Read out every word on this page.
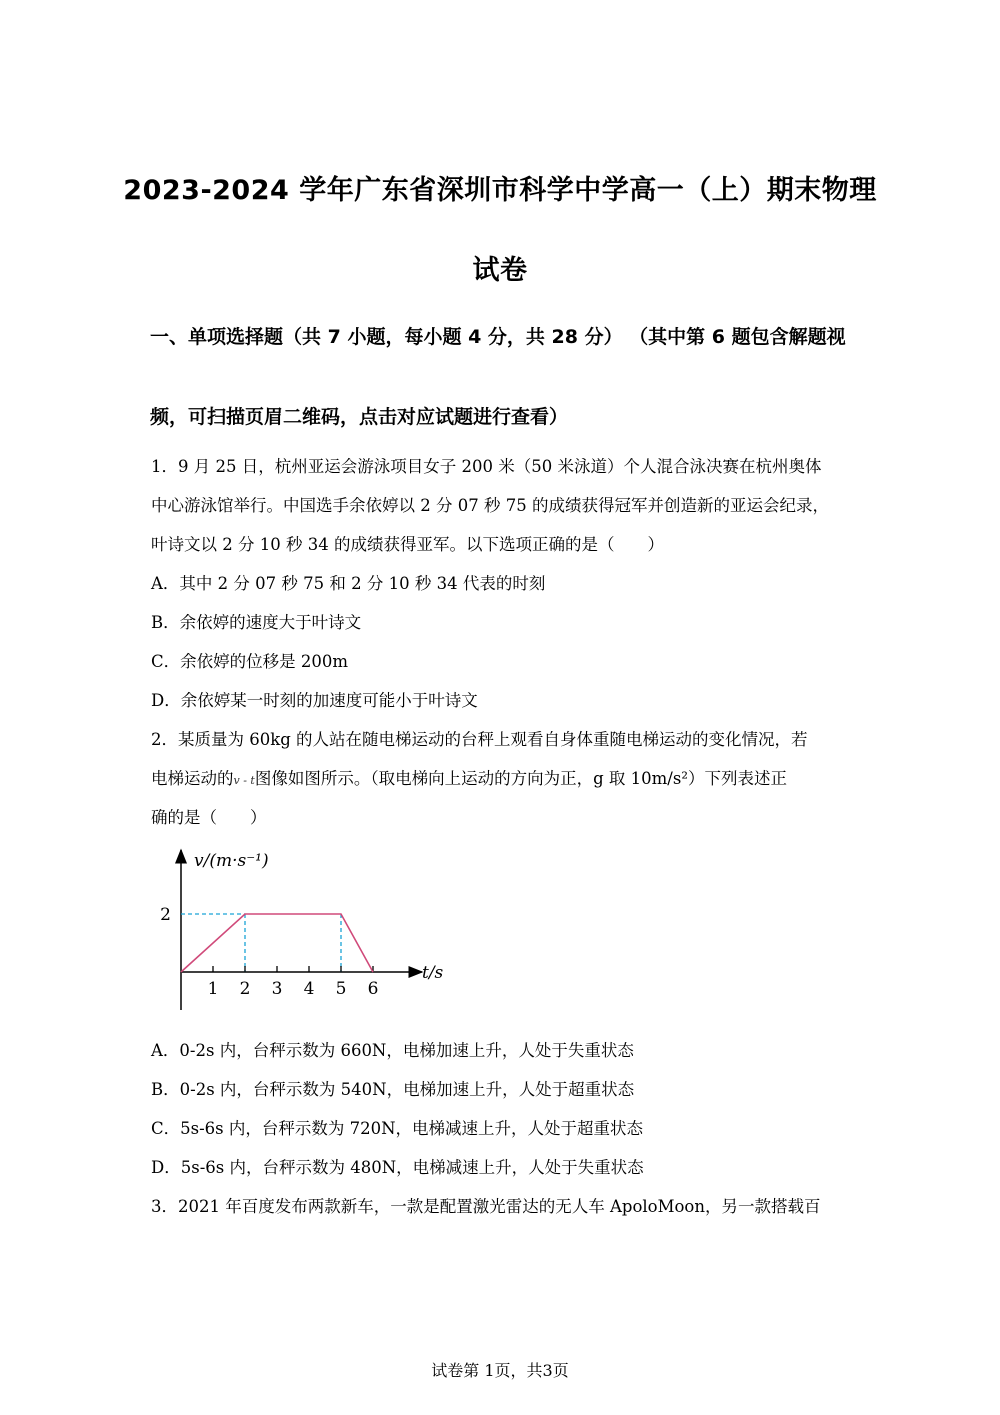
2023-2024 学年广东省深圳市科学中学高一（上）期末物理
试卷
一、单项选择题（共 7 小题，每小题 4 分，共 28 分） （其中第 6 题包含解题视
频，可扫描页眉二维码，点击对应试题进行查看）
1．9 月 25 日，杭州亚运会游泳项目女子 200 米（50 米泳道）个人混合泳决赛在杭州奥体
中心游泳馆举行。中国选手余依婷以 2 分 07 秒 75 的成绩获得冠军并创造新的亚运会纪录，
叶诗文以 2 分 10 秒 34 的成绩获得亚军。以下选项正确的是（　　）
A．其中 2 分 07 秒 75 和 2 分 10 秒 34 代表的时刻
B．余依婷的速度大于叶诗文
C．余依婷的位移是 200m
D．余依婷某一时刻的加速度可能小于叶诗文
2．某质量为 60kg 的人站在随电梯运动的台秤上观看自身体重随电梯运动的变化情况，若
电梯运动的v - t图像如图所示。（取电梯向上运动的方向为正，g 取 10m/s²）下列表述正
确的是（　　）
v/(m·s⁻¹)
t/s
1 2 3 4 5 6
2
A．0-2s 内，台秤示数为 660N，电梯加速上升，人处于失重状态
B．0-2s 内，台秤示数为 540N，电梯加速上升，人处于超重状态
C．5s-6s 内，台秤示数为 720N，电梯减速上升，人处于超重状态
D．5s-6s 内，台秤示数为 480N，电梯减速上升，人处于失重状态
3．2021 年百度发布两款新车，一款是配置激光雷达的无人车 ApoloMoon，另一款搭载百
试卷第 1页，共3页
